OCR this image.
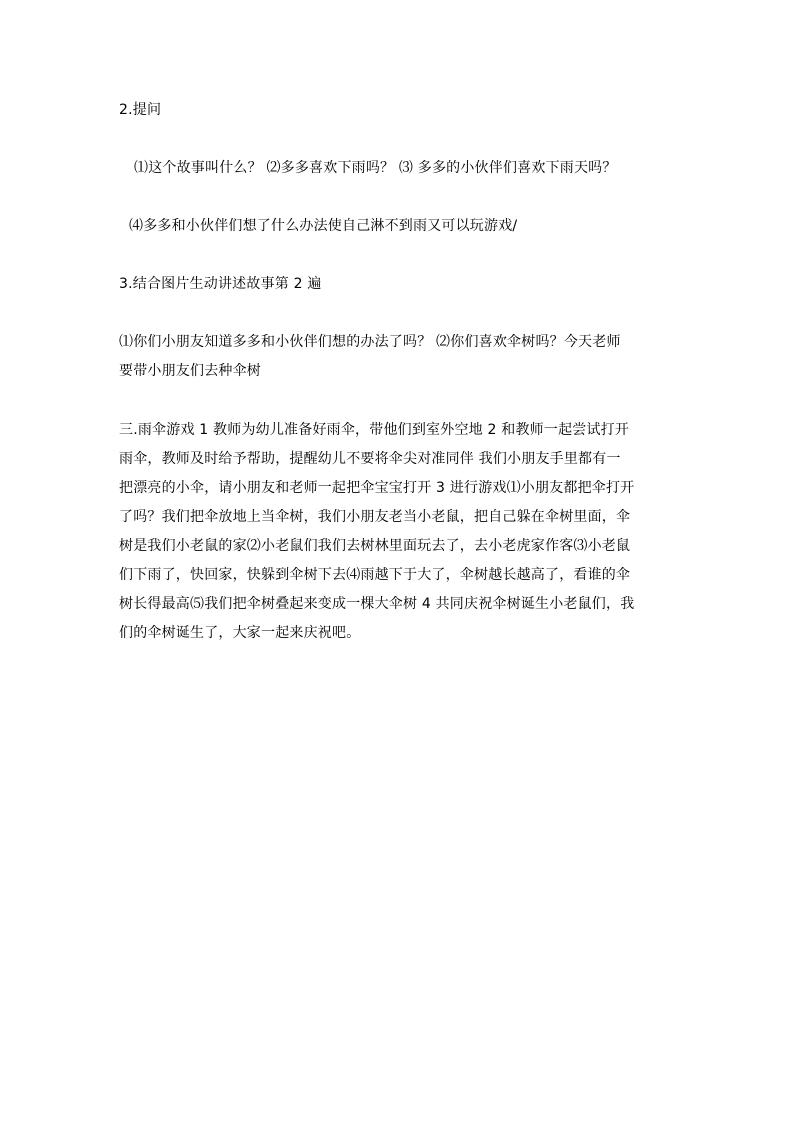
2.提问
⑴这个故事叫什么？ ⑵多多喜欢下雨吗？ ⑶ 多多的小伙伴们喜欢下雨天吗？
⑷多多和小伙伴们想了什么办法使自己淋不到雨又可以玩游戏/
3.结合图片生动讲述故事第 2 遍
⑴你们小朋友知道多多和小伙伴们想的办法了吗？ ⑵你们喜欢伞树吗？今天老师
要带小朋友们去种伞树
三.雨伞游戏 1 教师为幼儿准备好雨伞，带他们到室外空地 2 和教师一起尝试打开
雨伞，教师及时给予帮助，提醒幼儿不要将伞尖对准同伴 我们小朋友手里都有一
把漂亮的小伞，请小朋友和老师一起把伞宝宝打开 3 进行游戏⑴小朋友都把伞打开
了吗？我们把伞放地上当伞树，我们小朋友老当小老鼠，把自己躲在伞树里面，伞
树是我们小老鼠的家⑵小老鼠们我们去树林里面玩去了，去小老虎家作客⑶小老鼠
们下雨了，快回家，快躲到伞树下去⑷雨越下于大了，伞树越长越高了，看谁的伞
树长得最高⑸我们把伞树叠起来变成一棵大伞树 4 共同庆祝伞树诞生小老鼠们，我
们的伞树诞生了，大家一起来庆祝吧。
